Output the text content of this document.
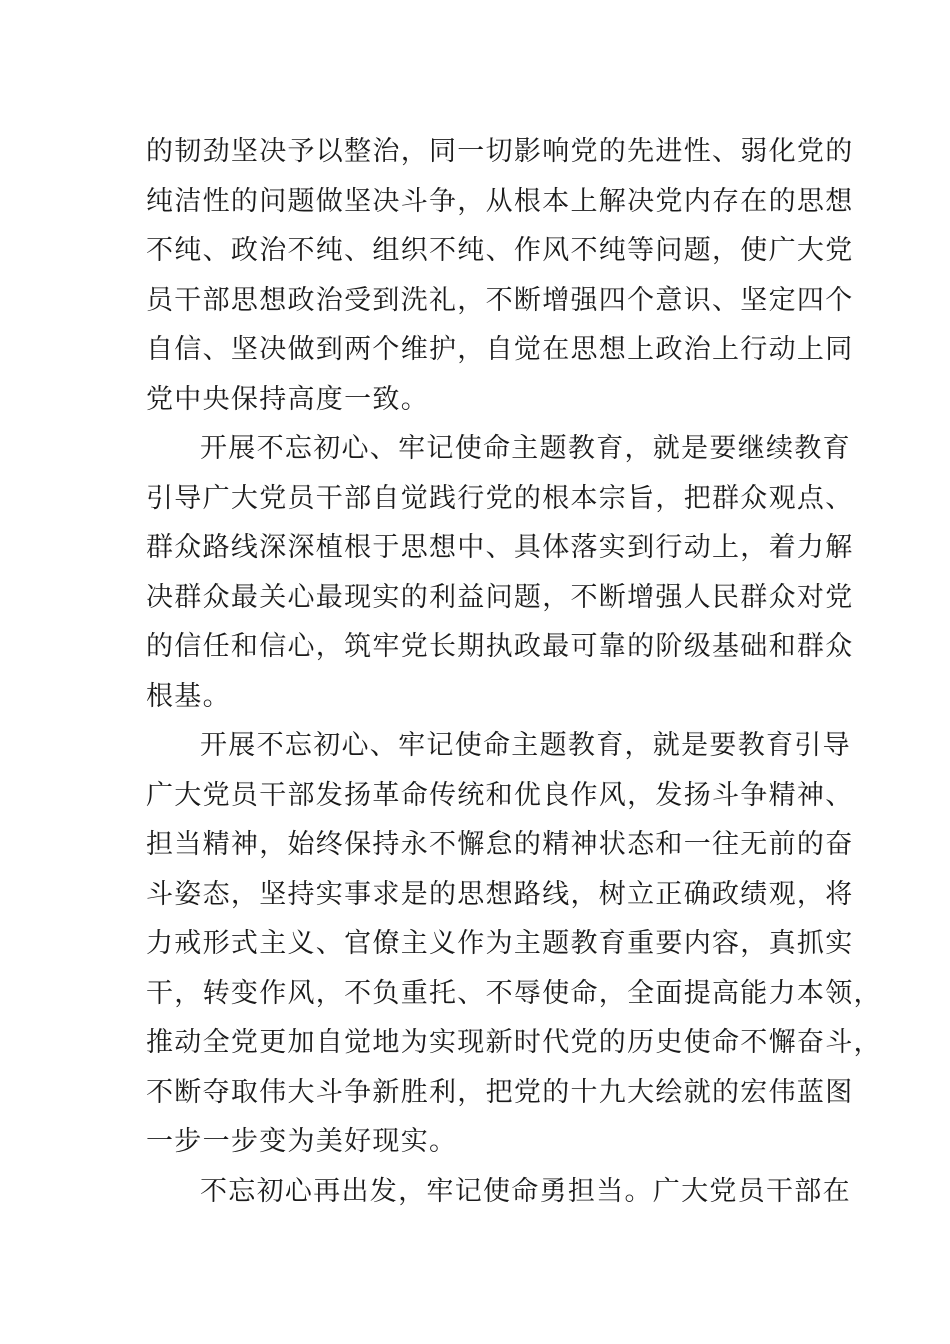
的韧劲坚决予以整治，同一切影响党的先进性、弱化党的
纯洁性的问题做坚决斗争，从根本上解决党内存在的思想
不纯、政治不纯、组织不纯、作风不纯等问题，使广大党
员干部思想政治受到洗礼，不断增强四个意识、坚定四个
自信、坚决做到两个维护，自觉在思想上政治上行动上同
党中央保持高度一致。
开展不忘初心、牢记使命主题教育，就是要继续教育
引导广大党员干部自觉践行党的根本宗旨，把群众观点、
群众路线深深植根于思想中、具体落实到行动上，着力解
决群众最关心最现实的利益问题，不断增强人民群众对党
的信任和信心，筑牢党长期执政最可靠的阶级基础和群众
根基。
开展不忘初心、牢记使命主题教育，就是要教育引导
广大党员干部发扬革命传统和优良作风，发扬斗争精神、
担当精神，始终保持永不懈怠的精神状态和一往无前的奋
斗姿态，坚持实事求是的思想路线，树立正确政绩观，将
力戒形式主义、官僚主义作为主题教育重要内容，真抓实
干，转变作风，不负重托、不辱使命，全面提高能力本领，
推动全党更加自觉地为实现新时代党的历史使命不懈奋斗，
不断夺取伟大斗争新胜利，把党的十九大绘就的宏伟蓝图
一步一步变为美好现实。
不忘初心再出发，牢记使命勇担当。广大党员干部在
